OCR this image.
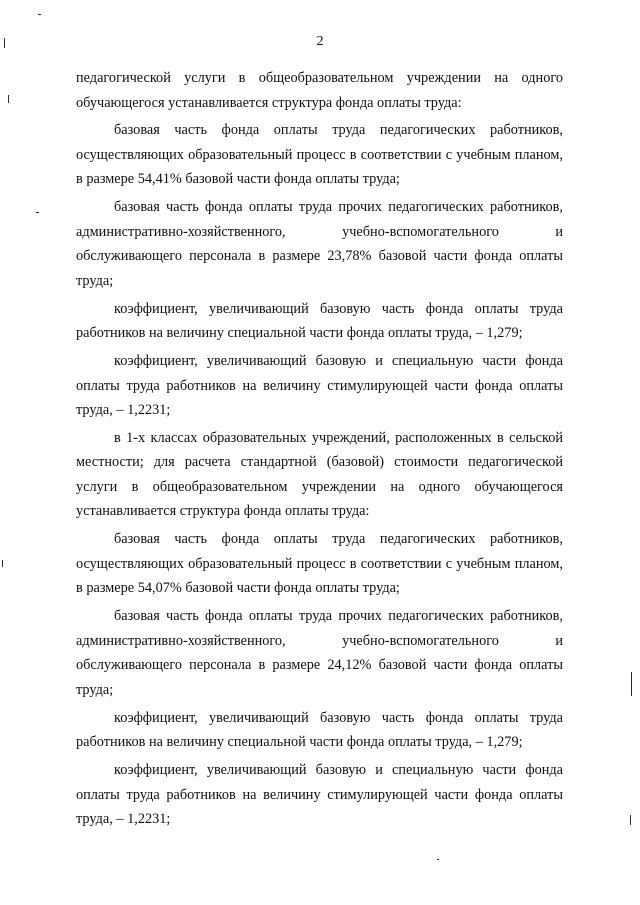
2

педагогической услуги в общеобразовательном учреждении на одного обучающегося устанавливается структура фонда оплаты труда:

базовая часть фонда оплаты труда педагогических работников, осуществляющих образовательный процесс в соответствии с учебным планом, в размере 54,41% базовой части фонда оплаты труда;

базовая часть фонда оплаты труда прочих педагогических работников, административно-хозяйственного, учебно-вспомогательного и обслуживающего персонала в размере 23,78% базовой части фонда оплаты труда;

коэффициент, увеличивающий базовую часть фонда оплаты труда работников на величину специальной части фонда оплаты труда, – 1,279;

коэффициент, увеличивающий базовую и специальную части фонда оплаты труда работников на величину стимулирующей части фонда оплаты труда, – 1,2231;

в 1-х классах образовательных учреждений, расположенных в сельской местности; для расчета стандартной (базовой) стоимости педагогической услуги в общеобразовательном учреждении на одного обучающегося устанавливается структура фонда оплаты труда:

базовая часть фонда оплаты труда педагогических работников, осуществляющих образовательный процесс в соответствии с учебным планом, в размере 54,07% базовой части фонда оплаты труда;

базовая часть фонда оплаты труда прочих педагогических работников, административно-хозяйственного, учебно-вспомогательного и обслуживающего персонала в размере 24,12% базовой части фонда оплаты труда;

коэффициент, увеличивающий базовую часть фонда оплаты труда работников на величину специальной части фонда оплаты труда, – 1,279;

коэффициент, увеличивающий базовую и специальную части фонда оплаты труда работников на величину стимулирующей части фонда оплаты труда, – 1,2231;
